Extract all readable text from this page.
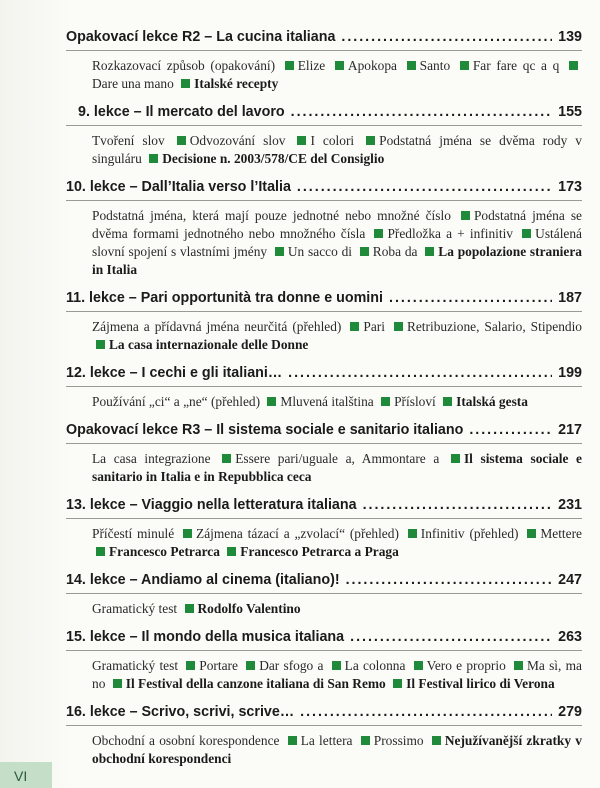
Opakovací lekce R2 – La cucina italiana . . .	139
Rozkazovací způsob (opakování) Elize Apokopa Santo Far fare qc a q Dare una mano Italské recepty
9. lekce – Il mercato del lavoro . . .	155
Tvoření slov Odvozování slov I colori Podstatná jména se dvěma rody v singuláru Decisione n. 2003/578/CE del Consiglio
10. lekce – Dall’Italia verso l’Italia . . .	173
Podstatná jména, která mají pouze jednotné nebo množné číslo Podstatná jména se dvěma formami jednotného nebo množného čísla Předložka a + infinitiv Ustálená slovní spojení s vlastními jmény Un sacco di Roba da La popolazione straniera in Italia
11. lekce – Pari opportunità tra donne e uomini . . .	187
Zájmena a přídavná jména neurčitá (přehled) Pari Retribuzione, Salario, Stipendio La casa internazionale delle Donne
12. lekce – I cechi e gli italiani… . . .	199
Používání „ci“ a „ne“ (přehled) Mluvená italština Přísloví Italská gesta
Opakovací lekce R3 – Il sistema sociale e sanitario italiano . . .	217
La casa integrazione Essere pari/uguale a, Ammontare a Il sistema sociale e sanitario in Italia e in Repubblica ceca
13. lekce – Viaggio nella letteratura italiana . . .	231
Příčestí minulé Zájmena tázací a „zvolací“ (přehled) Infinitiv (přehled) Mettere Francesco Petrarca Francesco Petrarca a Praga
14. lekce – Andiamo al cinema (italiano)! . . .	247
Gramatický test Rodolfo Valentino
15. lekce – Il mondo della musica italiana . . .	263
Gramatický test Portare Dar sfogo a La colonna Vero e proprio Ma sì, ma no Il Festival della canzone italiana di San Remo Il Festival lirico di Verona
16. lekce – Scrivo, scrivi, scrive… . . .	279
Obchodní a osobní korespondence La lettera Prossimo Nejužívanější zkratky v obchodní korespondenci
VI
